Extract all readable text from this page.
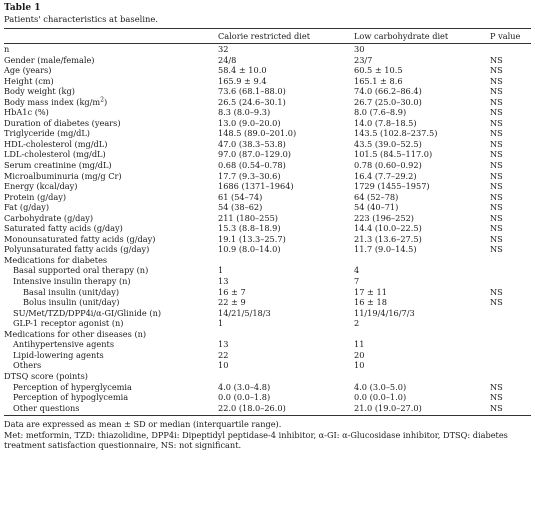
Table 1
Patients' characteristics at baseline.
	Calorie restricted diet	Low carbohydrate diet	P value
n	32	30	
Gender (male/female)	24/8	23/7	NS
Age (years)	58.4 ± 10.0	60.5 ± 10.5	NS
Height (cm)	165.9 ± 9.4	165.1 ± 8.6	NS
Body weight (kg)	73.6 (68.1–88.0)	74.0 (66.2–86.4)	NS
Body mass index $(kg/m^2)$	26.5 (24.6–30.1)	26.7 (25.0–30.0)	NS
HbA1c (%)	8.3 (8.0–9.3)	8.0 (7.6–8.9)	NS
Duration of diabetes (years)	13.0 (9.0–20.0)	14.0 (7.8–18.5)	NS
Triglyceride (mg/dL)	148.5 (89.0–201.0)	143.5 (102.8–237.5)	NS
HDL-cholesterol (mg/dL)	47.0 (38.3–53.8)	43.5 (39.0–52.5)	NS
LDL-cholesterol (mg/dL)	97.0 (87.0–129.0)	101.5 (84.5–117.0)	NS
Serum creatinine (mg/dL)	0.68 (0.54–0.78)	0.78 (0.60–0.92)	NS
Microalbuminuria (mg/g Cr)	17.7 (9.3–30.6)	16.4 (7.7–29.2)	NS
Energy (kcal/day)	1686 (1371–1964)	1729 (1455–1957)	NS
Protein (g/day)	61 (54–74)	64 (52–78)	NS
Fat (g/day)	54 (38–62)	54 (40–71)	NS
Carbohydrate (g/day)	211 (180–255)	223 (196–252)	NS
Saturated fatty acids (g/day)	15.3 (8.8–18.9)	14.4 (10.0–22.5)	NS
Monounsaturated fatty acids (g/day)	19.1 (13.3–25.7)	21.3 (13.6–27.5)	NS
Polyunsaturated fatty acids (g/day)	10.9 (8.0–14.0)	11.7 (9.0–14.5)	NS
Medications for diabetes			
Basal supported oral therapy (n)	1	4	
Intensive insulin therapy (n)	13	7	
Basal insulin (unit/day)	16 ± 7	17 ± 11	NS
Bolus insulin (unit/day)	22 ± 9	16 ± 18	NS
SU/Met/TZD/DPP4i/α-GI/Glinide (n)	14/21/5/18/3	11/19/4/16/7/3	
GLP-1 receptor agonist (n)	1	2	
Medications for other diseases (n)			
Antihypertensive agents	13	11	
Lipid-lowering agents	22	20	
Others	10	10	
DTSQ score (points)			
Perception of hyperglycemia	4.0 (3.0–4.8)	4.0 (3.0–5.0)	NS
Perception of hypoglycemia	0.0 (0.0–1.8)	0.0 (0.0–1.0)	NS
Other questions	22.0 (18.0–26.0)	21.0 (19.0–27.0)	NS
Data are expressed as mean ± SD or median (interquartile range).
Met: metformin, TZD: thiazolidine, DPP4i: Dipeptidyl peptidase-4 inhibitor, α-GI: α-Glucosidase inhibitor, DTSQ: diabetes treatment satisfaction questionnaire, NS: not significant.
